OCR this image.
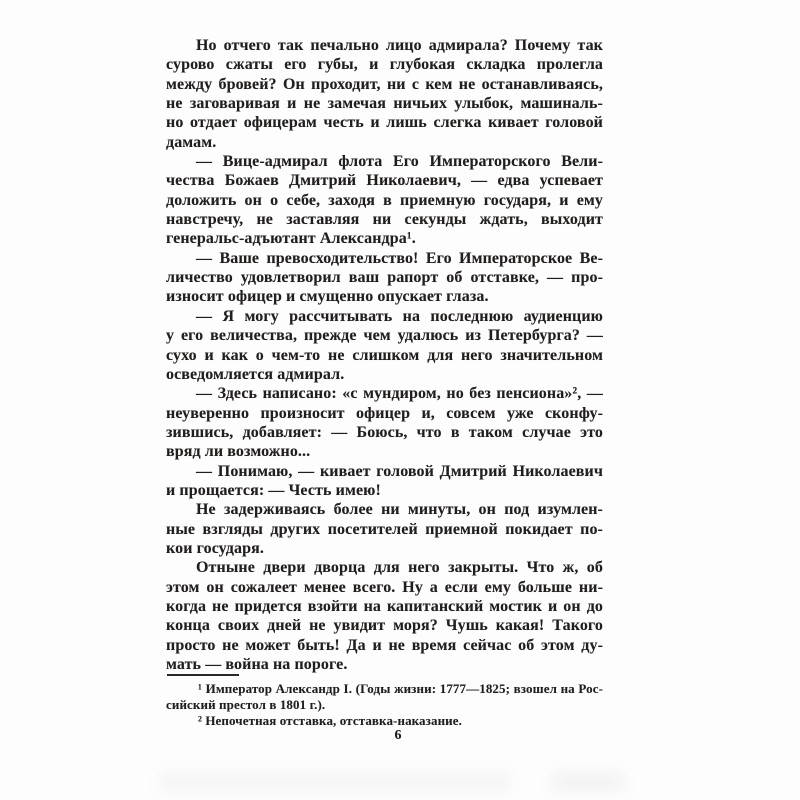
Но отчего так печально лицо адмирала? Почему так
сурово сжаты его губы, и глубокая складка пролегла
между бровей? Он проходит, ни с кем не останавливаясь,
не заговаривая и не замечая ничьих улыбок, машиналь-
но отдает офицерам честь и лишь слегка кивает головой
дамам.
— Вице-адмирал флота Его Императорского Вели-
чества Божаев Дмитрий Николаевич, — едва успевает
доложить он о себе, заходя в приемную государя, и ему
навстречу, не заставляя ни секунды ждать, выходит
генеральс-адъютант Александра¹.
— Ваше превосходительство! Его Императорское Ве-
личество удовлетворил ваш рапорт об отставке, — про-
износит офицер и смущенно опускает глаза.
— Я могу рассчитывать на последнюю аудиенцию
у его величества, прежде чем удалюсь из Петербурга? —
сухо и как о чем-то не слишком для него значительном
осведомляется адмирал.
— Здесь написано: «с мундиром, но без пенсиона»², —
неуверенно произносит офицер и, совсем уже сконфу-
зившись, добавляет: — Боюсь, что в таком случае это
вряд ли возможно...
— Понимаю, — кивает головой Дмитрий Николаевич
и прощается: — Честь имею!
Не задерживаясь более ни минуты, он под изумлен-
ные взгляды других посетителей приемной покидает по-
кои государя.
Отныне двери дворца для него закрыты. Что ж, об
этом он сожалеет менее всего. Ну а если ему больше ни-
когда не придется взойти на капитанский мостик и он до
конца своих дней не увидит моря? Чушь какая! Такого
просто не может быть! Да и не время сейчас об этом ду-
мать — война на пороге.
¹ Император Александр I. (Годы жизни: 1777—1825; взошел на Рос-
сийский престол в 1801 г.).
² Непочетная отставка, отставка-наказание.
6
